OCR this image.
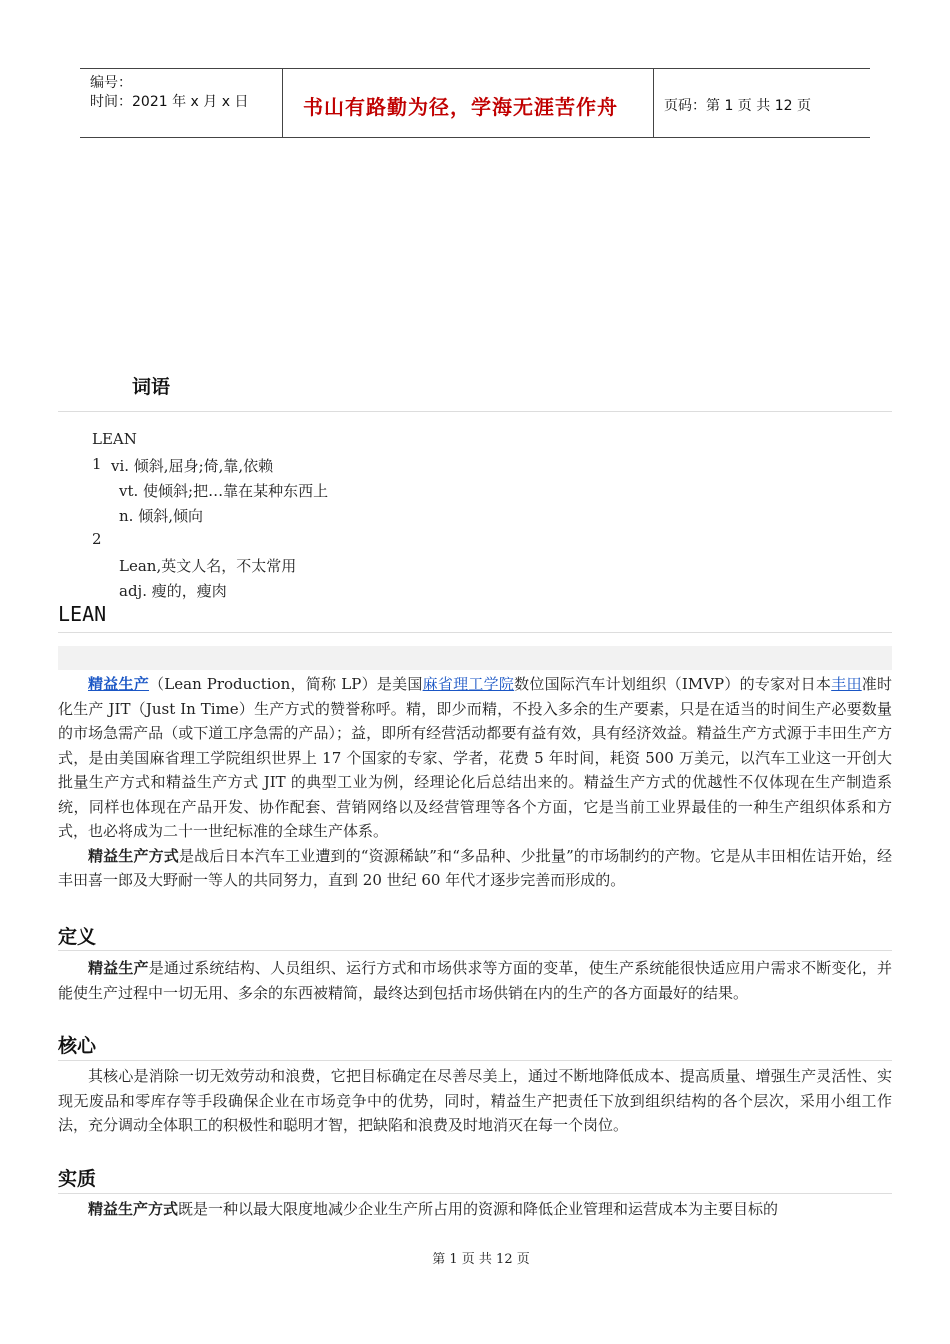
编号：
时间：2021 年 x 月 x 日	书山有路勤为径，学海无涯苦作舟	页码：第 1 页 共 12 页
词语
LEAN
1 vi. 倾斜,屈身;倚,靠,依赖
vt. 使倾斜;把…靠在某种东西上
n. 倾斜,倾向
2
Lean,英文人名，不太常用
adj. 瘦的，瘦肉
LEAN

精益生产（Lean Production，简称 LP）是美国麻省理工学院数位国际汽车计划组织（IMVP）的专家对日本丰田准时化生产 JIT（Just In Time）生产方式的赞誉称呼。精，即少而精，不投入多余的生产要素，只是在适当的时间生产必要数量的市场急需产品（或下道工序急需的产品）；益，即所有经营活动都要有益有效，具有经济效益。精益生产方式源于丰田生产方式，是由美国麻省理工学院组织世界上 17 个国家的专家、学者，花费 5 年时间，耗资 500 万美元，以汽车工业这一开创大批量生产方式和精益生产方式 JIT 的典型工业为例，经理论化后总结出来的。精益生产方式的优越性不仅体现在生产制造系统，同样也体现在产品开发、协作配套、营销网络以及经营管理等各个方面，它是当前工业界最佳的一种生产组织体系和方式，也必将成为二十一世纪标准的全球生产体系。

精益生产方式是战后日本汽车工业遭到的“资源稀缺”和“多品种、少批量”的市场制约的产物。它是从丰田相佐诘开始，经丰田喜一郎及大野耐一等人的共同努力，直到 20 世纪 60 年代才逐步完善而形成的。

定义

精益生产是通过系统结构、人员组织、运行方式和市场供求等方面的变革，使生产系统能很快适应用户需求不断变化，并能使生产过程中一切无用、多余的东西被精简，最终达到包括市场供销在内的生产的各方面最好的结果。

核心

其核心是消除一切无效劳动和浪费，它把目标确定在尽善尽美上，通过不断地降低成本、提高质量、增强生产灵活性、实现无废品和零库存等手段确保企业在市场竞争中的优势，同时，精益生产把责任下放到组织结构的各个层次，采用小组工作法，充分调动全体职工的积极性和聪明才智，把缺陷和浪费及时地消灭在每一个岗位。

实质

精益生产方式既是一种以最大限度地减少企业生产所占用的资源和降低企业管理和运营成本为主要目标的

第 1 页 共 12 页
